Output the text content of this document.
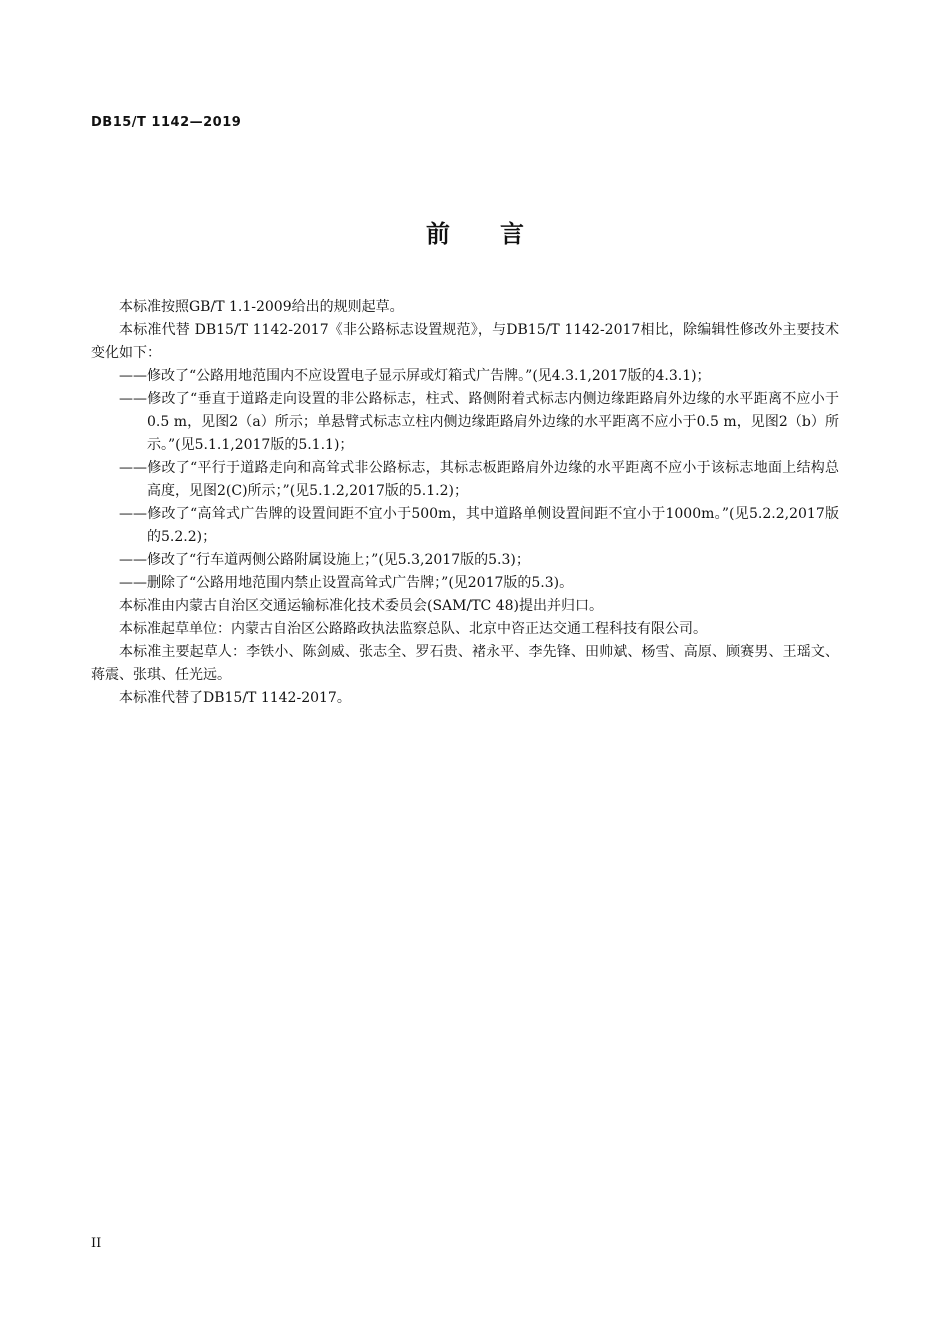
DB15/T 1142—2019
前 言

本标准按照GB/T 1.1-2009给出的规则起草。

本标准代替 DB15/T 1142-2017《非公路标志设置规范》，与DB15/T 1142-2017相比，除编辑性修改外主要技术变化如下：

——修改了“公路用地范围内不应设置电子显示屏或灯箱式广告牌。”(见4.3.1,2017版的4.3.1)；

——修改了“垂直于道路走向设置的非公路标志，柱式、路侧附着式标志内侧边缘距路肩外边缘的水平距离不应小于0.5 m，见图2（a）所示；单悬臂式标志立柱内侧边缘距路肩外边缘的水平距离不应小于0.5 m，见图2（b）所示。”(见5.1.1,2017版的5.1.1)；

——修改了“平行于道路走向和高耸式非公路标志，其标志板距路肩外边缘的水平距离不应小于该标志地面上结构总高度，见图2(C)所示；”(见5.1.2,2017版的5.1.2)；

——修改了“高耸式广告牌的设置间距不宜小于500m，其中道路单侧设置间距不宜小于1000m。”(见5.2.2,2017版的5.2.2)；

——修改了“行车道两侧公路附属设施上；”(见5.3,2017版的5.3)；

——删除了“公路用地范围内禁止设置高耸式广告牌；”(见2017版的5.3)。

本标准由内蒙古自治区交通运输标准化技术委员会(SAM/TC 48)提出并归口。

本标准起草单位：内蒙古自治区公路路政执法监察总队、北京中咨正达交通工程科技有限公司。

本标准主要起草人：李铁小、陈剑威、张志全、罗石贵、褚永平、李先锋、田帅斌、杨雪、高原、顾赛男、王瑶文、蒋震、张琪、任光远。

本标准代替了DB15/T 1142-2017。

II
